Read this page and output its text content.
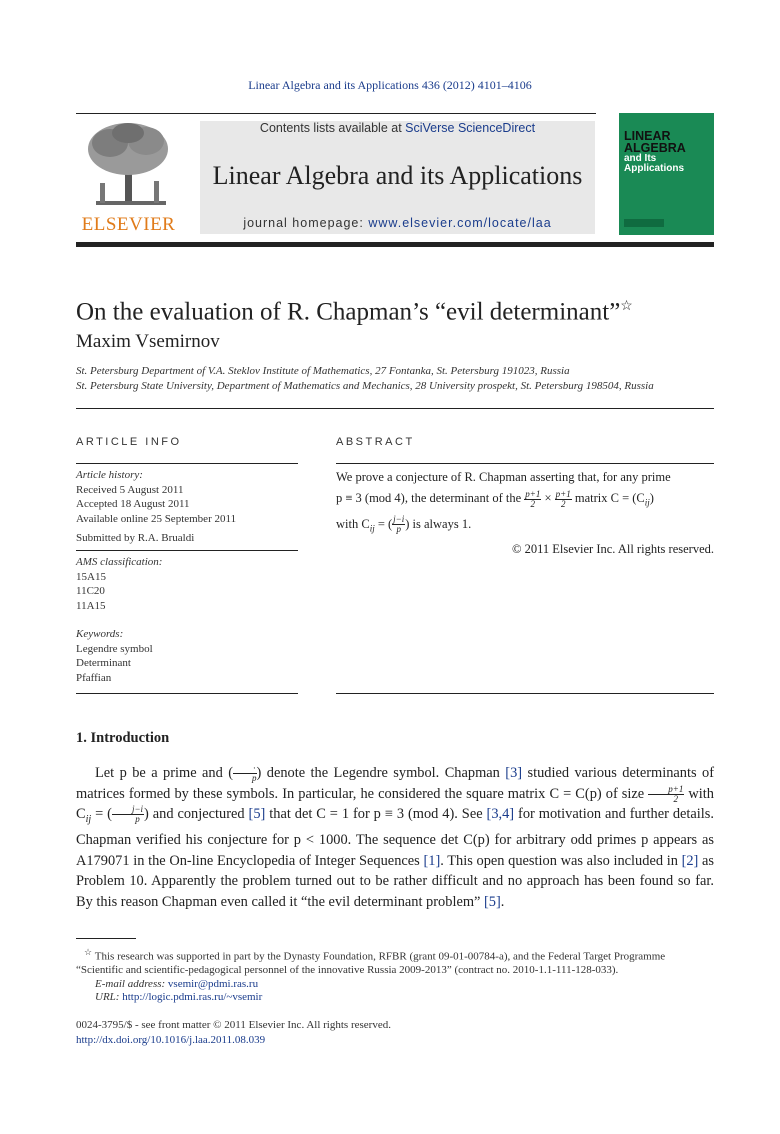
Linear Algebra and its Applications 436 (2012) 4101–4106
ELSEVIER
Contents lists available at SciVerse ScienceDirect
Linear Algebra and its Applications
journal homepage: www.elsevier.com/locate/laa
LINEAR
ALGEBRA
and Its
Applications
On the evaluation of R. Chapman’s “evil determinant”☆
Maxim Vsemirnov
St. Petersburg Department of V.A. Steklov Institute of Mathematics, 27 Fontanka, St. Petersburg 191023, Russia
St. Petersburg State University, Department of Mathematics and Mechanics, 28 University prospekt, St. Petersburg 198504, Russia
ARTICLE INFO
Article history:
Received 5 August 2011
Accepted 18 August 2011
Available online 25 September 2011
Submitted by R.A. Brualdi
AMS classification:
15A15
11C20
11A15
Keywords:
Legendre symbol
Determinant
Pfaffian
ABSTRACT
We prove a conjecture of R. Chapman asserting that, for any prime
p ≡ 3 (mod 4), the determinant of the $\frac{p+1}{2} \times \frac{p+1}{2}$ matrix $C = (C_{ij})$
with $C_{ij}$ = ( $\frac{j-i}{p}$ ) is always 1.
© 2011 Elsevier Inc. All rights reserved.
1. Introduction

Let p be a prime and ( $\frac{\cdot}{p}$ ) denote the Legendre symbol. Chapman [3] studied various determinants of matrices formed by these symbols. In particular, he considered the square matrix C = C(p) of size $\frac{p+1}{2}$ with $C_{ij}$ = ( $\frac{j-i}{p}$ ) and conjectured [5] that det C = 1 for p ≡ 3 (mod 4). See [3,4] for motivation and further details. Chapman verified his conjecture for p < 1000. The sequence det C(p) for arbitrary odd primes p appears as A179071 in the On-line Encyclopedia of Integer Sequences [1]. This open question was also included in [2] as Problem 10. Apparently the problem turned out to be rather difficult and no approach has been found so far. By this reason Chapman even called it “the evil determinant problem” [5].

☆ This research was supported in part by the Dynasty Foundation, RFBR (grant 09-01-00784-a), and the Federal Target Programme “Scientific and scientific-pedagogical personnel of the innovative Russia 2009-2013” (contract no. 2010-1.1-111-128-033).
E-mail address: vsemir@pdmi.ras.ru
URL: http://logic.pdmi.ras.ru/~vsemir
0024-3795/$ - see front matter © 2011 Elsevier Inc. All rights reserved.
http://dx.doi.org/10.1016/j.laa.2011.08.039
